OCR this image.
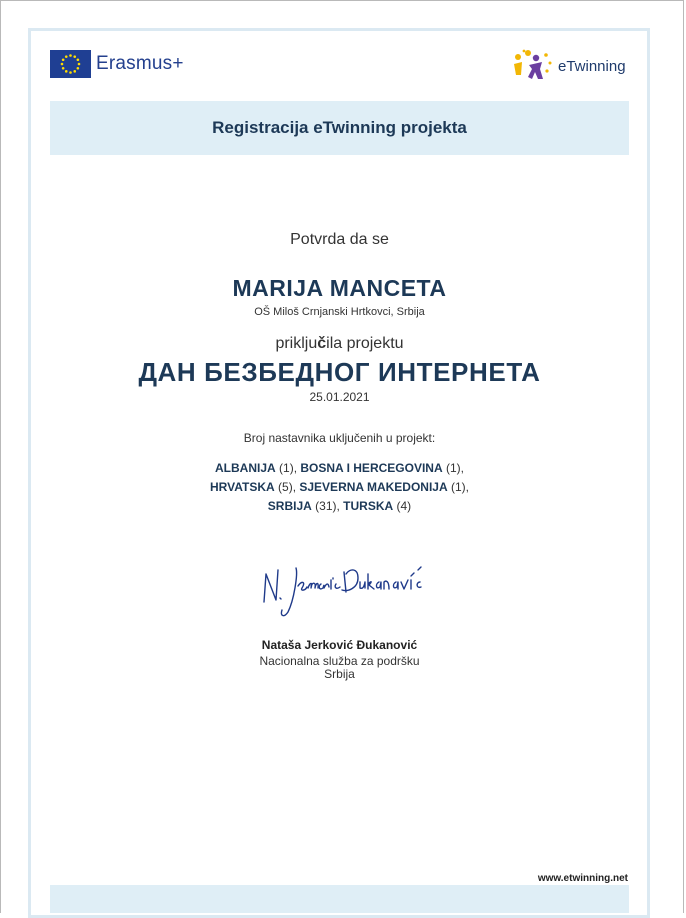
Erasmus+	eTwinning
Registracija eTwinning projekta
Potvrda da se
MARIJA MANCETA
OŠ Miloš Crnjanski Hrtkovci, Srbija
priključila projektu
ДАН БЕЗБЕДНОГ ИНТЕРНЕТА
25.01.2021
Broj nastavnika uključenih u projekt:
ALBANIJA (1), BOSNA I HERCEGOVINA (1),
HRVATSKA (5), SJEVERNA MAKEDONIJA (1),
SRBIJA (31), TURSKA (4)
Nataša Jerković Đukanović
Nacionalna služba za podršku
Srbija
www.etwinning.net
